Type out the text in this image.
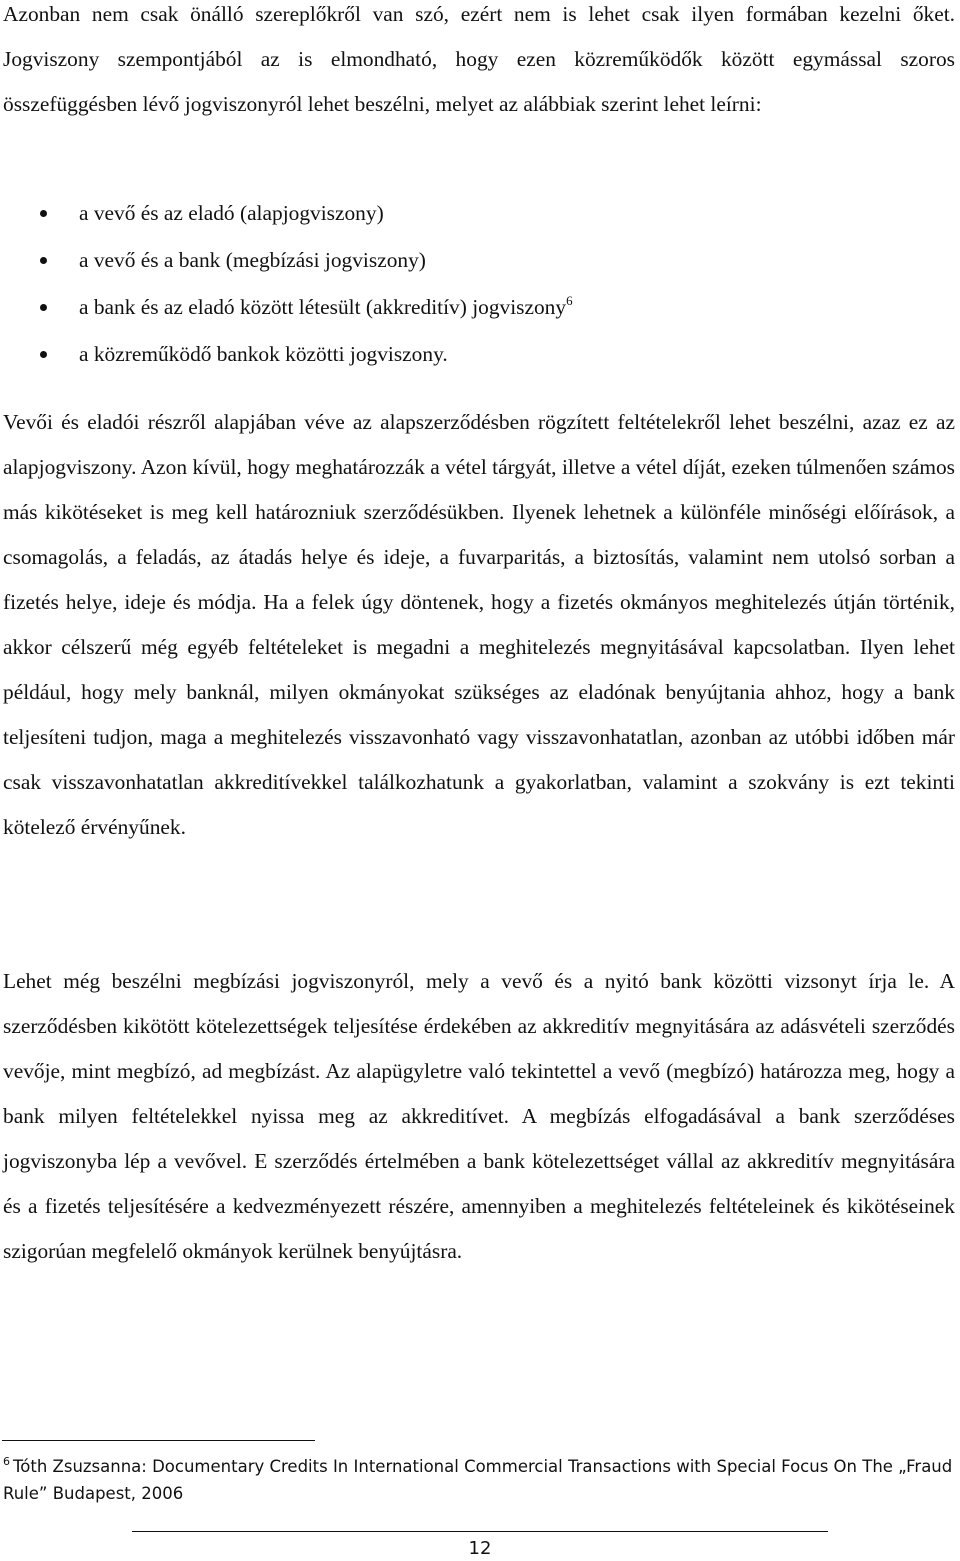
Azonban nem csak önálló szereplőkről van szó, ezért nem is lehet csak ilyen formában kezelni őket. Jogviszony szempontjából az is elmondható, hogy ezen közreműködők között egymással szoros összefüggésben lévő jogviszonyról lehet beszélni, melyet az alábbiak szerint lehet leírni:

a vevő és az eladó (alapjogviszony)
a vevő és a bank (megbízási jogviszony)
a bank és az eladó között létesült (akkreditív) jogviszony$^6$
a közreműködő bankok közötti jogviszony.

Vevői és eladói részről alapjában véve az alapszerződésben rögzített feltételekről lehet beszélni, azaz ez az alapjogviszony. Azon kívül, hogy meghatározzák a vétel tárgyát, illetve a vétel díját, ezeken túlmenően számos más kikötéseket is meg kell határozniuk szerződésükben. Ilyenek lehetnek a különféle minőségi előírások, a csomagolás, a feladás, az átadás helye és ideje, a fuvarparitás, a biztosítás, valamint nem utolsó sorban a fizetés helye, ideje és módja. Ha a felek úgy döntenek, hogy a fizetés okmányos meghitelezés útján történik, akkor célszerű még egyéb feltételeket is megadni a meghitelezés megnyitásával kapcsolatban. Ilyen lehet például, hogy mely banknál, milyen okmányokat szükséges az eladónak benyújtania ahhoz, hogy a bank teljesíteni tudjon, maga a meghitelezés visszavonható vagy visszavonhatatlan, azonban az utóbbi időben már csak visszavonhatatlan akkreditívekkel találkozhatunk a gyakorlatban, valamint a szokvány is ezt tekinti kötelező érvényűnek.

Lehet még beszélni megbízási jogviszonyról, mely a vevő és a nyitó bank közötti vizsonyt írja le. A szerződésben kikötött kötelezettségek teljesítése érdekében az akkreditív megnyitására az adásvételi szerződés vevője, mint megbízó, ad megbízást. Az alapügyletre való tekintettel a vevő (megbízó) határozza meg, hogy a bank milyen feltételekkel nyissa meg az akkreditívet. A megbízás elfogadásával a bank szerződéses jogviszonyba lép a vevővel. E szerződés értelmében a bank kötelezettséget vállal az akkreditív megnyitására és a fizetés teljesítésére a kedvezményezett részére, amennyiben a meghitelezés feltételeinek és kikötéseinek szigorúan megfelelő okmányok kerülnek benyújtásra.

$^6$ Tóth Zsuzsanna: Documentary Credits In International Commercial Transactions with Special Focus On The „Fraud Rule” Budapest, 2006

12
